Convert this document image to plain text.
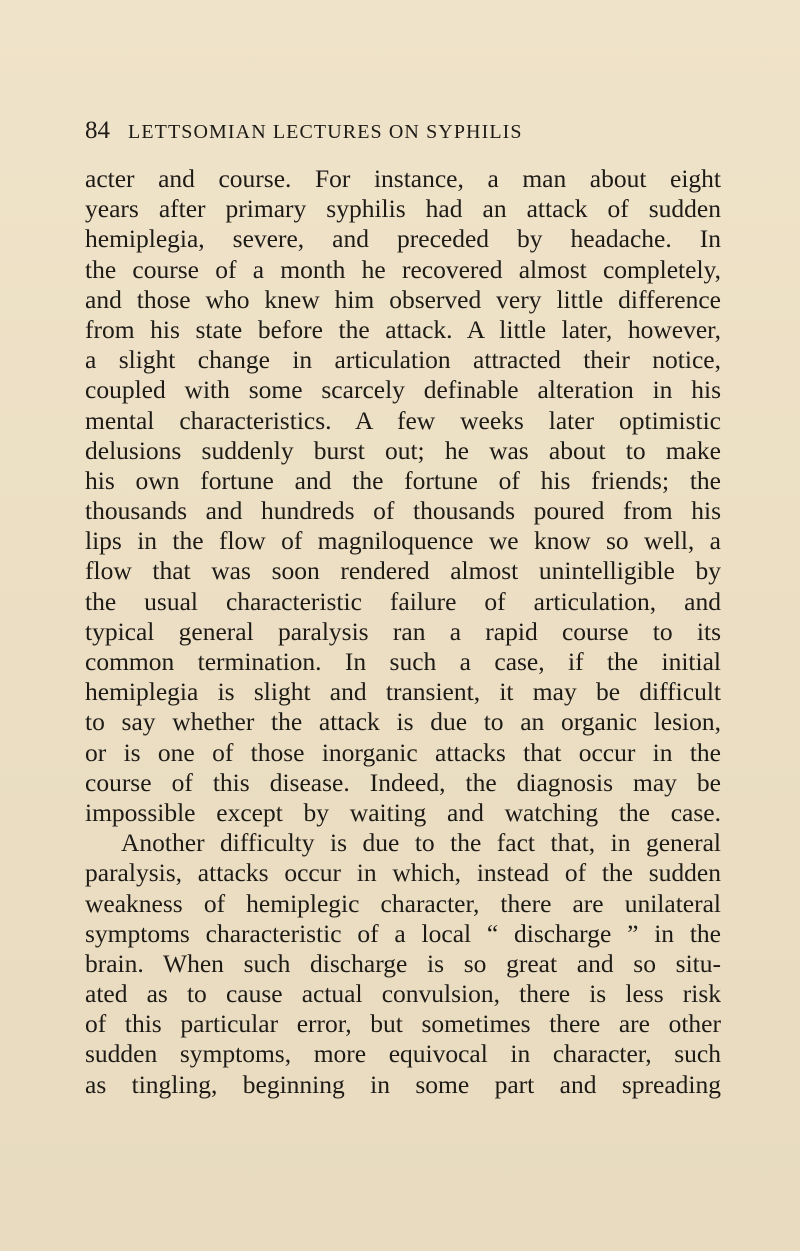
84 LETTSOMIAN LECTURES ON SYPHILIS
acter and course. For instance, a man about eight
years after primary syphilis had an attack of sudden
hemiplegia, severe, and preceded by headache. In
the course of a month he recovered almost completely,
and those who knew him observed very little difference
from his state before the attack. A little later, however,
a slight change in articulation attracted their notice,
coupled with some scarcely definable alteration in his
mental characteristics. A few weeks later optimistic
delusions suddenly burst out; he was about to make
his own fortune and the fortune of his friends; the
thousands and hundreds of thousands poured from his
lips in the flow of magniloquence we know so well, a
flow that was soon rendered almost unintelligible by
the usual characteristic failure of articulation, and
typical general paralysis ran a rapid course to its
common termination. In such a case, if the initial
hemiplegia is slight and transient, it may be difficult
to say whether the attack is due to an organic lesion,
or is one of those inorganic attacks that occur in the
course of this disease. Indeed, the diagnosis may be
impossible except by waiting and watching the case.
Another difficulty is due to the fact that, in general
paralysis, attacks occur in which, instead of the sudden
weakness of hemiplegic character, there are unilateral
symptoms characteristic of a local “ discharge ” in the
brain. When such discharge is so great and so situ-
ated as to cause actual convulsion, there is less risk
of this particular error, but sometimes there are other
sudden symptoms, more equivocal in character, such
as tingling, beginning in some part and spreading
